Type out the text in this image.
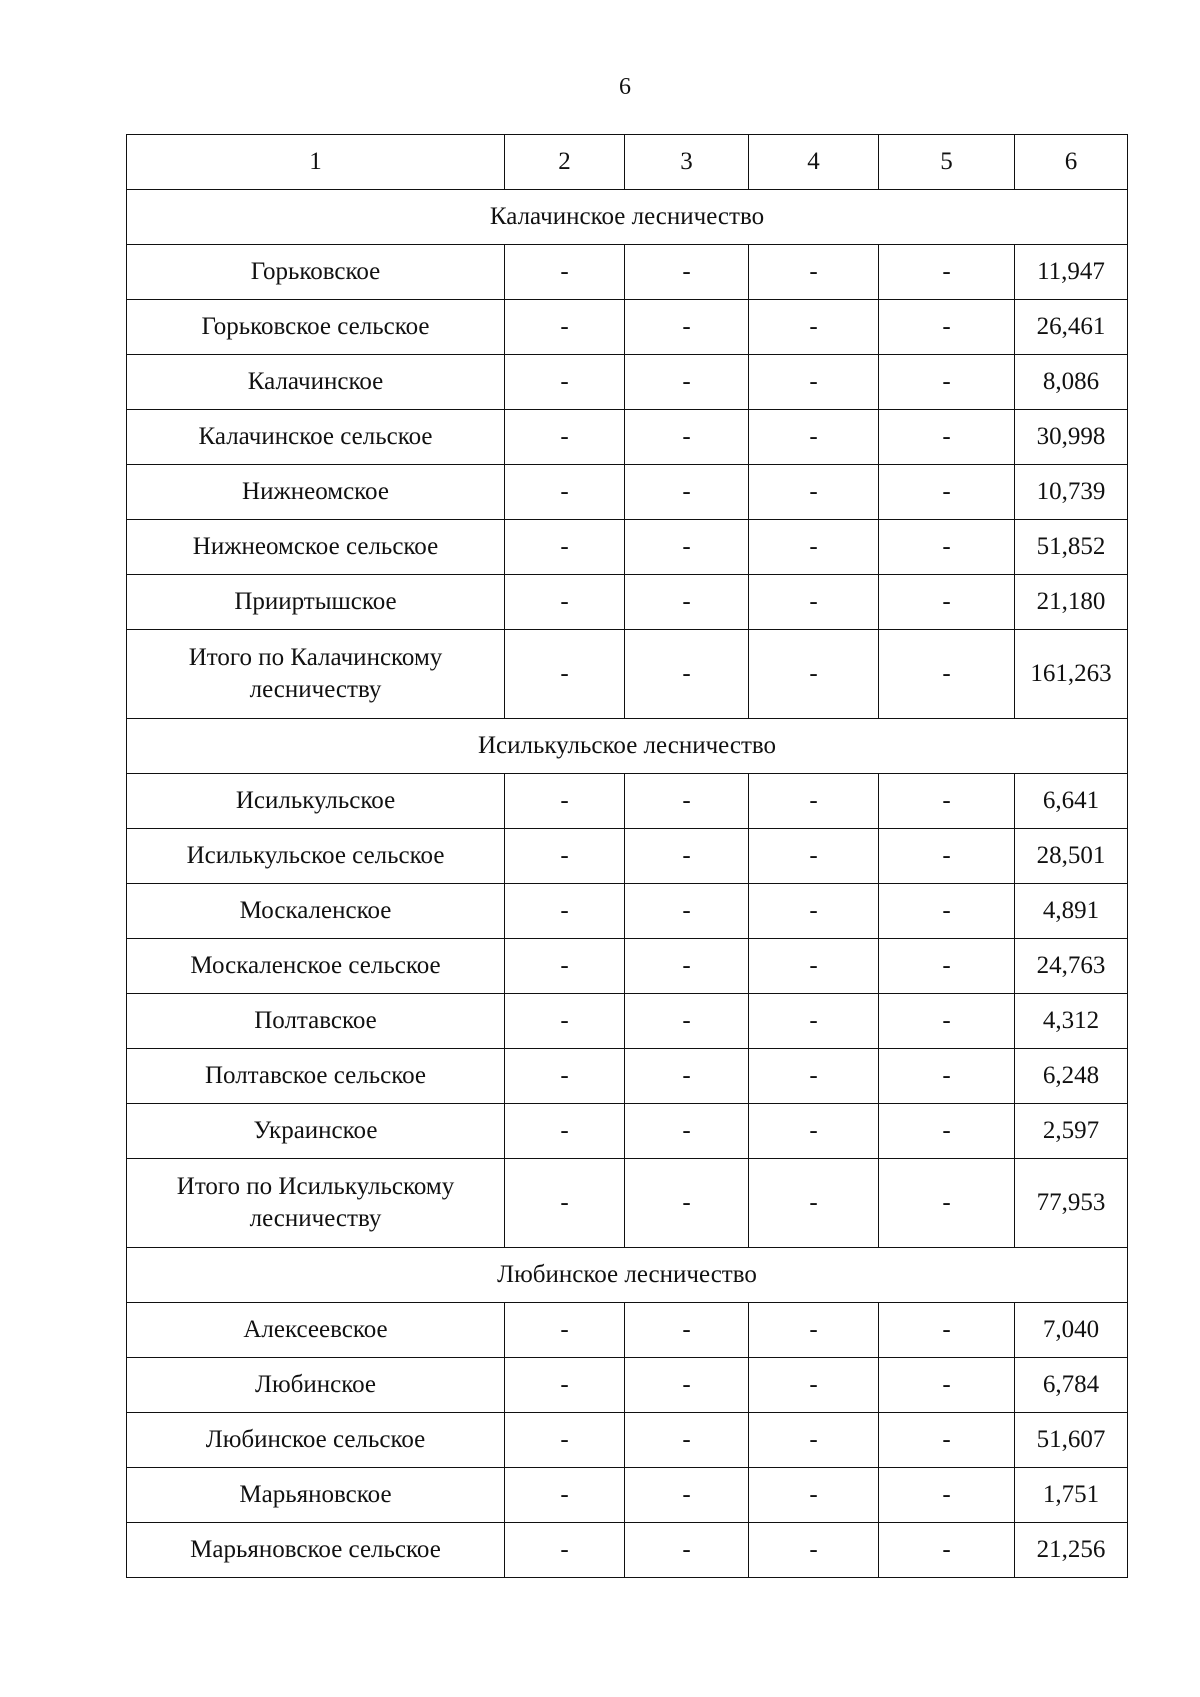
6
1	2	3	4	5	6
Калачинское лесничество					
Горьковское	-	-	-	-	11,947
Горьковское сельское	-	-	-	-	26,461
Калачинское	-	-	-	-	8,086
Калачинское сельское	-	-	-	-	30,998
Нижнеомское	-	-	-	-	10,739
Нижнеомское сельское	-	-	-	-	51,852
Прииртышское	-	-	-	-	21,180
Итого по Калачинскому лесничеству	-	-	-	-	161,263
Исилькульское лесничество					
Исилькульское	-	-	-	-	6,641
Исилькульское сельское	-	-	-	-	28,501
Москаленское	-	-	-	-	4,891
Москаленское сельское	-	-	-	-	24,763
Полтавское	-	-	-	-	4,312
Полтавское сельское	-	-	-	-	6,248
Украинское	-	-	-	-	2,597
Итого по Исилькульскому лесничеству	-	-	-	-	77,953
Любинское лесничество					
Алексеевское	-	-	-	-	7,040
Любинское	-	-	-	-	6,784
Любинское сельское	-	-	-	-	51,607
Марьяновское	-	-	-	-	1,751
Марьяновское сельское	-	-	-	-	21,256
